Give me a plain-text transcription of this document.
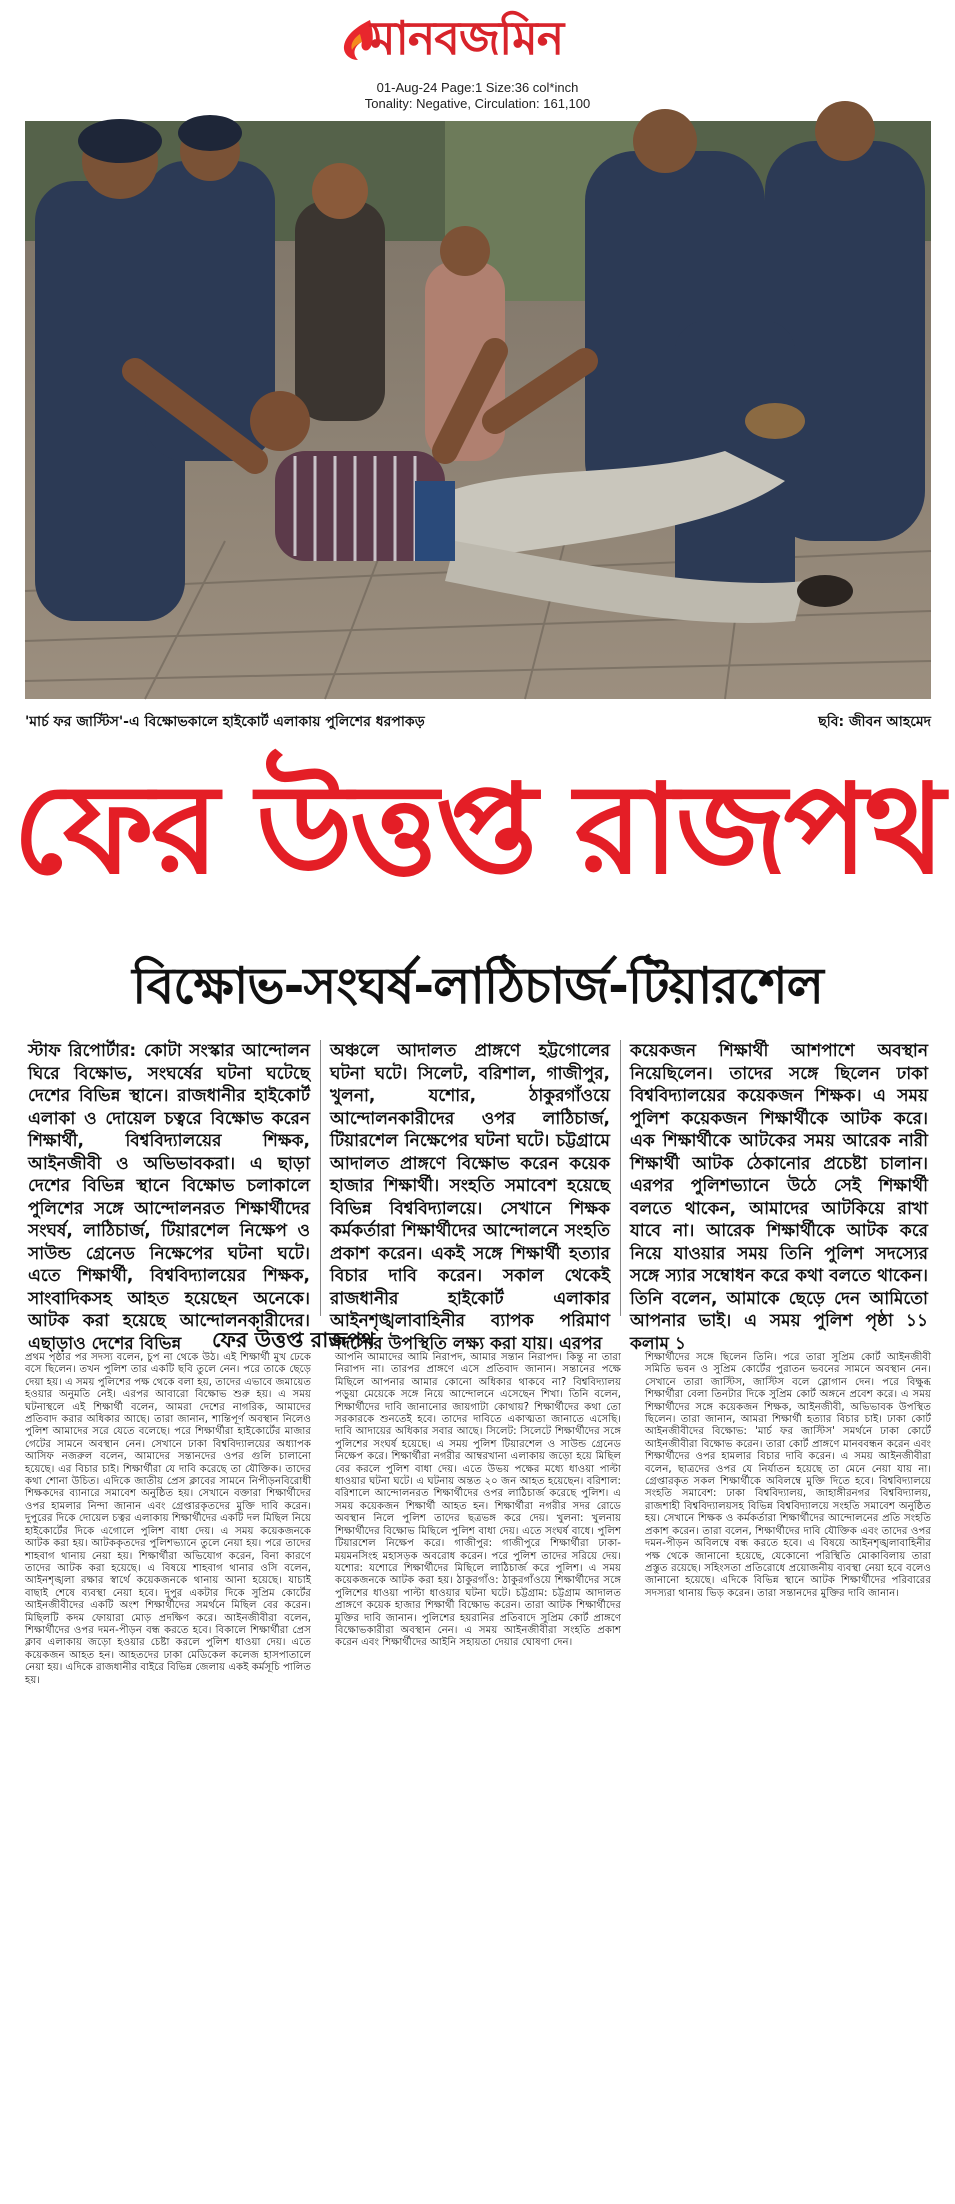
মানবজমিন
01-Aug-24 Page:1 Size:36 col*inch
Tonality: Negative, Circulation: 161,100
'মার্চ ফর জাস্টিস'-এ বিক্ষোভকালে হাইকোর্ট এলাকায় পুলিশের ধরপাকড়	ছবি: জীবন আহমেদ
ফের উত্তপ্ত রাজপথ
বিক্ষোভ-সংঘর্ষ-লাঠিচার্জ-টিয়ারশেল
স্টাফ রিপোর্টার: কোটা সংস্কার আন্দোলন ঘিরে বিক্ষোভ, সংঘর্ষের ঘটনা ঘটেছে দেশের বিভিন্ন স্থানে। রাজধানীর হাইকোর্ট এলাকা ও দোয়েল চত্বরে বিক্ষোভ করেন শিক্ষার্থী, বিশ্ববিদ্যালয়ের শিক্ষক, আইনজীবী ও অভিভাবকরা। এ ছাড়া দেশের বিভিন্ন স্থানে বিক্ষোভ চলাকালে পুলিশের সঙ্গে আন্দোলনরত শিক্ষার্থীদের সংঘর্ষ, লাঠিচার্জ, টিয়ারশেল নিক্ষেপ ও সাউন্ড গ্রেনেড নিক্ষেপের ঘটনা ঘটে। এতে শিক্ষার্থী, বিশ্ববিদ্যালয়ের শিক্ষক, সাংবাদিকসহ আহত হয়েছেন অনেকে। আটক করা হয়েছে আন্দোলনকারীদের। এছাড়াও দেশের বিভিন্ন
অঞ্চলে আদালত প্রাঙ্গণে হট্টগোলের ঘটনা ঘটে। সিলেট, বরিশাল, গাজীপুর, খুলনা, যশোর, ঠাকুরগাঁওয়ে আন্দোলনকারীদের ওপর লাঠিচার্জ, টিয়ারশেল নিক্ষেপের ঘটনা ঘটে। চট্টগ্রামে আদালত প্রাঙ্গণে বিক্ষোভ করেন কয়েক হাজার শিক্ষার্থী। সংহতি সমাবেশ হয়েছে বিভিন্ন বিশ্ববিদ্যালয়ে। সেখানে শিক্ষক কর্মকর্তারা শিক্ষার্থীদের আন্দোলনে সংহতি প্রকাশ করেন। একই সঙ্গে শিক্ষার্থী হত্যার বিচার দাবি করেন। সকাল থেকেই রাজধানীর হাইকোর্ট এলাকার আইনশৃঙ্খলাবাহিনীর ব্যাপক পরিমাণ সদস্যের উপস্থিতি লক্ষ্য করা যায়। এরপর
কয়েকজন শিক্ষার্থী আশপাশে অবস্থান নিয়েছিলেন। তাদের সঙ্গে ছিলেন ঢাকা বিশ্ববিদ্যালয়ের কয়েকজন শিক্ষক। এ সময় পুলিশ কয়েকজন শিক্ষার্থীকে আটক করে। এক শিক্ষার্থীকে আটকের সময় আরেক নারী শিক্ষার্থী আটক ঠেকানোর প্রচেষ্টা চালান। এরপর পুলিশভ্যানে উঠে সেই শিক্ষার্থী বলতে থাকেন, আমাদের আটকিয়ে রাখা যাবে না। আরেক শিক্ষার্থীকে আটক করে নিয়ে যাওয়ার সময় তিনি পুলিশ সদস্যের সঙ্গে স্যার সম্বোধন করে কথা বলতে থাকেন। তিনি বলেন, আমাকে ছেড়ে দেন আমিতো আপনার ভাই। এ সময় পুলিশ পৃষ্ঠা ১১ কলাম ১
ফের উত্তপ্ত রাজপথ
প্রথম পৃষ্ঠার পর সদস্য বলেন, চুপ না থেকে উঠ। এই শিক্ষার্থী মুখ ঢেকে বসে ছিলেন। তখন পুলিশ তার একটি ছবি তুলে নেন। পরে তাকে ছেড়ে দেয়া হয়। এ সময় পুলিশের পক্ষ থেকে বলা হয়, তাদের এভাবে জমায়েত হওয়ার অনুমতি নেই। এরপর আবারো বিক্ষোভ শুরু হয়। এ সময় ঘটনাস্থলে এই শিক্ষার্থী বলেন, আমরা দেশের নাগরিক, আমাদের প্রতিবাদ করার অধিকার আছে। তারা জানান, শান্তিপূর্ণ অবস্থান নিলেও পুলিশ আমাদের সরে যেতে বলেছে। পরে শিক্ষার্থীরা হাইকোর্টের মাজার গেটের সামনে অবস্থান নেন। সেখানে ঢাকা বিশ্ববিদ্যালয়ের অধ্যাপক আসিফ নজরুল বলেন, আমাদের সন্তানদের ওপর গুলি চালানো হয়েছে। এর বিচার চাই। শিক্ষার্থীরা যে দাবি করেছে তা যৌক্তিক। তাদের কথা শোনা উচিত। এদিকে জাতীয় প্রেস ক্লাবের সামনে নিপীড়নবিরোধী শিক্ষকদের ব্যানারে সমাবেশ অনুষ্ঠিত হয়। সেখানে বক্তারা শিক্ষার্থীদের ওপর হামলার নিন্দা জানান এবং গ্রেপ্তারকৃতদের মুক্তি দাবি করেন। দুপুরের দিকে দোয়েল চত্বর এলাকায় শিক্ষার্থীদের একটি দল মিছিল নিয়ে হাইকোর্টের দিকে এগোলে পুলিশ বাধা দেয়। এ সময় কয়েকজনকে আটক করা হয়। আটককৃতদের পুলিশভ্যানে তুলে নেয়া হয়। পরে তাদের শাহবাগ থানায় নেয়া হয়। শিক্ষার্থীরা অভিযোগ করেন, বিনা কারণে তাদের আটক করা হয়েছে। এ বিষয়ে শাহবাগ থানার ওসি বলেন, আইনশৃঙ্খলা রক্ষার স্বার্থে কয়েকজনকে থানায় আনা হয়েছে। যাচাই বাছাই শেষে ব্যবস্থা নেয়া হবে। দুপুর একটার দিকে সুপ্রিম কোর্টের আইনজীবীদের একটি অংশ শিক্ষার্থীদের সমর্থনে মিছিল বের করেন। মিছিলটি কদম ফোয়ারা মোড় প্রদক্ষিণ করে। আইনজীবীরা বলেন, শিক্ষার্থীদের ওপর দমন-পীড়ন বন্ধ করতে হবে। বিকালে শিক্ষার্থীরা প্রেস ক্লাব এলাকায় জড়ো হওয়ার চেষ্টা করলে পুলিশ ধাওয়া দেয়। এতে কয়েকজন আহত হন। আহতদের ঢাকা মেডিকেল কলেজ হাসপাতালে নেয়া হয়। এদিকে রাজধানীর বাইরে বিভিন্ন জেলায় একই কর্মসূচি পালিত হয়।
আপনি আমাদের আমি নিরাপদ, আমার সন্তান নিরাপদ। কিন্তু না তারা নিরাপদ না। তারপর প্রাঙ্গণে এসে প্রতিবাদ জানান। সন্তানের পক্ষে মিছিলে আপনার আমার কোনো অধিকার থাকবে না? বিশ্ববিদ্যালয় পড়ুয়া মেয়েকে সঙ্গে নিয়ে আন্দোলনে এসেছেন শিখা। তিনি বলেন, শিক্ষার্থীদের দাবি জানানোর জায়গাটা কোথায়? শিক্ষার্থীদের কথা তো সরকারকে শুনতেই হবে। তাদের দাবিতে একাত্মতা জানাতে এসেছি। দাবি আদায়ের অধিকার সবার আছে। সিলেট: সিলেটে শিক্ষার্থীদের সঙ্গে পুলিশের সংঘর্ষ হয়েছে। এ সময় পুলিশ টিয়ারশেল ও সাউন্ড গ্রেনেড নিক্ষেপ করে। শিক্ষার্থীরা নগরীর আম্বরখানা এলাকায় জড়ো হয়ে মিছিল বের করলে পুলিশ বাধা দেয়। এতে উভয় পক্ষের মধ্যে ধাওয়া পাল্টা ধাওয়ার ঘটনা ঘটে। এ ঘটনায় অন্তত ২০ জন আহত হয়েছেন। বরিশাল: বরিশালে আন্দোলনরত শিক্ষার্থীদের ওপর লাঠিচার্জ করেছে পুলিশ। এ সময় কয়েকজন শিক্ষার্থী আহত হন। শিক্ষার্থীরা নগরীর সদর রোডে অবস্থান নিলে পুলিশ তাদের ছত্রভঙ্গ করে দেয়। খুলনা: খুলনায় শিক্ষার্থীদের বিক্ষোভ মিছিলে পুলিশ বাধা দেয়। এতে সংঘর্ষ বাধে। পুলিশ টিয়ারশেল নিক্ষেপ করে। গাজীপুর: গাজীপুরে শিক্ষার্থীরা ঢাকা-ময়মনসিংহ মহাসড়ক অবরোধ করেন। পরে পুলিশ তাদের সরিয়ে দেয়। যশোর: যশোরে শিক্ষার্থীদের মিছিলে লাঠিচার্জ করে পুলিশ। এ সময় কয়েকজনকে আটক করা হয়। ঠাকুরগাঁও: ঠাকুরগাঁওয়ে শিক্ষার্থীদের সঙ্গে পুলিশের ধাওয়া পাল্টা ধাওয়ার ঘটনা ঘটে। চট্টগ্রাম: চট্টগ্রাম আদালত প্রাঙ্গণে কয়েক হাজার শিক্ষার্থী বিক্ষোভ করেন। তারা আটক শিক্ষার্থীদের মুক্তির দাবি জানান। পুলিশের হয়রানির প্রতিবাদে সুপ্রিম কোর্ট প্রাঙ্গণে বিক্ষোভকারীরা অবস্থান নেন। এ সময় আইনজীবীরা সংহতি প্রকাশ করেন এবং শিক্ষার্থীদের আইনি সহায়তা দেয়ার ঘোষণা দেন।
শিক্ষার্থীদের সঙ্গে ছিলেন তিনি। পরে তারা সুপ্রিম কোর্ট আইনজীবী সমিতি ভবন ও সুপ্রিম কোর্টের পুরাতন ভবনের সামনে অবস্থান নেন। সেখানে তারা জাস্টিস, জাস্টিস বলে স্লোগান দেন। পরে বিক্ষুব্ধ শিক্ষার্থীরা বেলা তিনটার দিকে সুপ্রিম কোর্ট অঙ্গনে প্রবেশ করে। এ সময় শিক্ষার্থীদের সঙ্গে কয়েকজন শিক্ষক, আইনজীবী, অভিভাবক উপস্থিত ছিলেন। তারা জানান, আমরা শিক্ষার্থী হত্যার বিচার চাই। ঢাকা কোর্ট আইনজীবীদের বিক্ষোভ: 'মার্চ ফর জাস্টিস' সমর্থনে ঢাকা কোর্টে আইনজীবীরা বিক্ষোভ করেন। তারা কোর্ট প্রাঙ্গণে মানববন্ধন করেন এবং শিক্ষার্থীদের ওপর হামলার বিচার দাবি করেন। এ সময় আইনজীবীরা বলেন, ছাত্রদের ওপর যে নির্যাতন হয়েছে তা মেনে নেয়া যায় না। গ্রেপ্তারকৃত সকল শিক্ষার্থীকে অবিলম্বে মুক্তি দিতে হবে। বিশ্ববিদ্যালয়ে সংহতি সমাবেশ: ঢাকা বিশ্ববিদ্যালয়, জাহাঙ্গীরনগর বিশ্ববিদ্যালয়, রাজশাহী বিশ্ববিদ্যালয়সহ বিভিন্ন বিশ্ববিদ্যালয়ে সংহতি সমাবেশ অনুষ্ঠিত হয়। সেখানে শিক্ষক ও কর্মকর্তারা শিক্ষার্থীদের আন্দোলনের প্রতি সংহতি প্রকাশ করেন। তারা বলেন, শিক্ষার্থীদের দাবি যৌক্তিক এবং তাদের ওপর দমন-পীড়ন অবিলম্বে বন্ধ করতে হবে। এ বিষয়ে আইনশৃঙ্খলাবাহিনীর পক্ষ থেকে জানানো হয়েছে, যেকোনো পরিস্থিতি মোকাবিলায় তারা প্রস্তুত রয়েছে। সহিংসতা প্রতিরোধে প্রয়োজনীয় ব্যবস্থা নেয়া হবে বলেও জানানো হয়েছে। এদিকে বিভিন্ন স্থানে আটক শিক্ষার্থীদের পরিবারের সদস্যরা থানায় ভিড় করেন। তারা সন্তানদের মুক্তির দাবি জানান।
